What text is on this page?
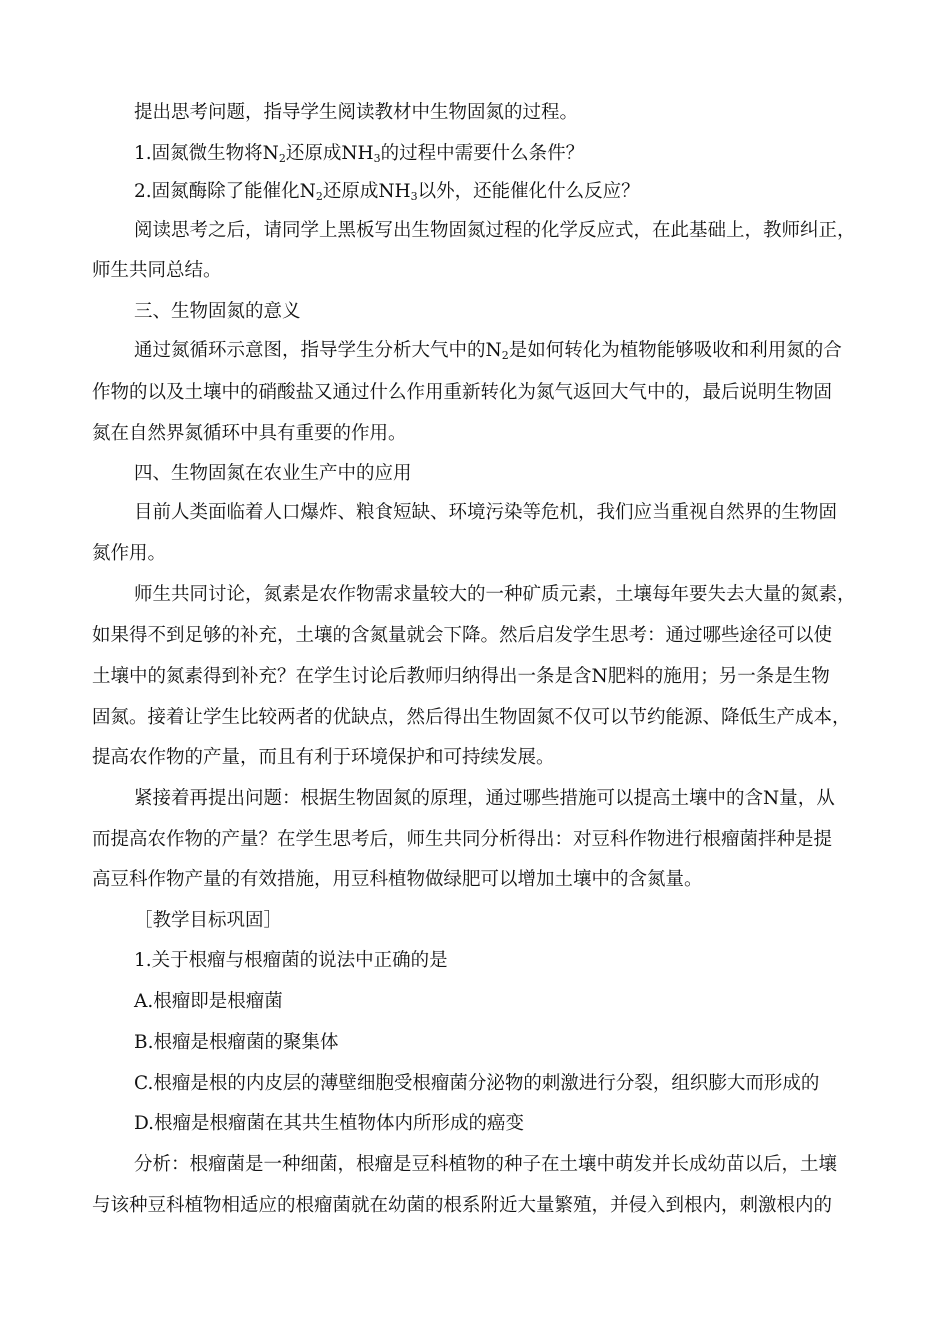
提出思考问题，指导学生阅读教材中生物固氮的过程。
1.固氮微生物将$N_2$还原成$NH_3$的过程中需要什么条件？
2.固氮酶除了能催化$N_2$还原成$NH_3$以外，还能催化什么反应？
阅读思考之后，请同学上黑板写出生物固氮过程的化学反应式，在此基础上，教师纠正，
师生共同总结。
三、生物固氮的意义
通过氮循环示意图，指导学生分析大气中的$N_2$是如何转化为植物能够吸收和利用氮的合
作物的以及土壤中的硝酸盐又通过什么作用重新转化为氮气返回大气中的，最后说明生物固
氮在自然界氮循环中具有重要的作用。
四、生物固氮在农业生产中的应用
目前人类面临着人口爆炸、粮食短缺、环境污染等危机，我们应当重视自然界的生物固
氮作用。
师生共同讨论，氮素是农作物需求量较大的一种矿质元素，土壤每年要失去大量的氮素，
如果得不到足够的补充，土壤的含氮量就会下降。然后启发学生思考：通过哪些途径可以使
土壤中的氮素得到补充？在学生讨论后教师归纳得出一条是含N肥料的施用；另一条是生物
固氮。接着让学生比较两者的优缺点，然后得出生物固氮不仅可以节约能源、降低生产成本，
提高农作物的产量，而且有利于环境保护和可持续发展。
紧接着再提出问题：根据生物固氮的原理，通过哪些措施可以提高土壤中的含N量，从
而提高农作物的产量？在学生思考后，师生共同分析得出：对豆科作物进行根瘤菌拌种是提
高豆科作物产量的有效措施，用豆科植物做绿肥可以增加土壤中的含氮量。
［教学目标巩固］
1.关于根瘤与根瘤菌的说法中正确的是
A.根瘤即是根瘤菌
B.根瘤是根瘤菌的聚集体
C.根瘤是根的内皮层的薄壁细胞受根瘤菌分泌物的刺激进行分裂，组织膨大而形成的
D.根瘤是根瘤菌在其共生植物体内所形成的癌变
分析：根瘤菌是一种细菌，根瘤是豆科植物的种子在土壤中萌发并长成幼苗以后，土壤
与该种豆科植物相适应的根瘤菌就在幼菌的根系附近大量繁殖，并侵入到根内，刺激根内的
